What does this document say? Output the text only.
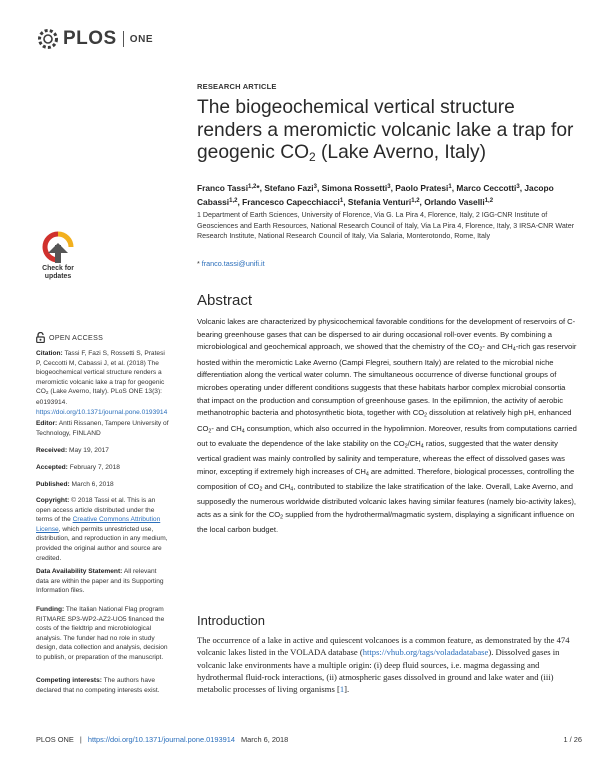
PLOS ONE
RESEARCH ARTICLE
The biogeochemical vertical structure renders a meromictic volcanic lake a trap for geogenic $CO_2$ (Lake Averno, Italy)
Franco Tassi$^{1,2}$*, Stefano Fazi$^3$, Simona Rossetti$^3$, Paolo Pratesi$^1$, Marco Ceccotti$^3$, Jacopo Cabassi$^{1,2}$, Francesco Capecchiacci$^1$, Stefania Venturi$^{1,2}$, Orlando Vaselli$^{1,2}$
1 Department of Earth Sciences, University of Florence, Via G. La Pira 4, Florence, Italy, 2 IGG-CNR Institute of Geosciences and Earth Resources, National Research Council of Italy, Via La Pira 4, Florence, Italy, 3 IRSA-CNR Water Research Institute, National Research Council of Italy, Via Salaria, Monterotondo, Rome, Italy
* franco.tassi@unifi.it
Abstract
Volcanic lakes are characterized by physicochemical favorable conditions for the development of reservoirs of C-bearing greenhouse gases that can be dispersed to air during occasional roll-over events. By combining a microbiological and geochemical approach, we showed that the chemistry of the $CO_2-$ and $CH_4$-rich gas reservoir hosted within the meromictic Lake Averno (Campi Flegrei, southern Italy) are related to the microbial niche differentiation along the vertical water column. The simultaneous occurrence of diverse functional groups of microbes operating under different conditions suggests that these habitats harbor complex microbial consortia that impact on the production and consumption of greenhouse gases. In the epilimnion, the activity of aerobic methanotrophic bacteria and photosynthetic biota, together with $CO_2$ dissolution at relatively high pH, enhanced $CO_2-$ and $CH_4$ consumption, which also occurred in the hypolimnion. Moreover, results from computations carried out to evaluate the dependence of the lake stability on the $CO_2/CH_4$ ratios, suggested that the water density vertical gradient was mainly controlled by salinity and temperature, whereas the effect of dissolved gases was minor, excepting if extremely high increases of $CH_4$ are admitted. Therefore, biological processes, controlling the composition of $CO_2$ and $CH_4$, contributed to stabilize the lake stratification of the lake. Overall, Lake Averno, and supposedly the numerous worldwide distributed volcanic lakes having similar features (namely bio-activity lakes), acts as a sink for the $CO_2$ supplied from the hydrothermal/magmatic system, displaying a significant influence on the local carbon budget.
Introduction
The occurrence of a lake in active and quiescent volcanoes is a common feature, as demonstrated by the 474 volcanic lakes listed in the VOLADA database (https://vhub.org/tags/voladadatabase). Dissolved gases in volcanic lake environments have a multiple origin: (i) deep fluid sources, i.e. magma degassing and hydrothermal fluid-rock interactions, (ii) atmospheric gases dissolved in ground and lake water and (iii) metabolic processes of living organisms [1].
Check for
updates
OPEN ACCESS
Citation: Tassi F, Fazi S, Rossetti S, Pratesi P, Ceccotti M, Cabassi J, et al. (2018) The biogeochemical vertical structure renders a meromictic volcanic lake a trap for geogenic $CO_2$ (Lake Averno, Italy). PLoS ONE 13(3): e0193914. https://doi.org/10.1371/journal.pone.0193914
Editor: Antti Rissanen, Tampere University of Technology, FINLAND
Received: May 19, 2017
Accepted: February 7, 2018
Published: March 6, 2018
Copyright: © 2018 Tassi et al. This is an open access article distributed under the terms of the Creative Commons Attribution License, which permits unrestricted use, distribution, and reproduction in any medium, provided the original author and source are credited.
Data Availability Statement: All relevant data are within the paper and its Supporting Information files.
Funding: The Italian National Flag program RITMARE SP3-WP2-AZ2-UO5 financed the costs of the fieldtrip and microbiological analysis. The funder had no role in study design, data collection and analysis, decision to publish, or preparation of the manuscript.
Competing interests: The authors have declared that no competing interests exist.
PLOS ONE | https://doi.org/10.1371/journal.pone.0193914 March 6, 2018	1 / 26
